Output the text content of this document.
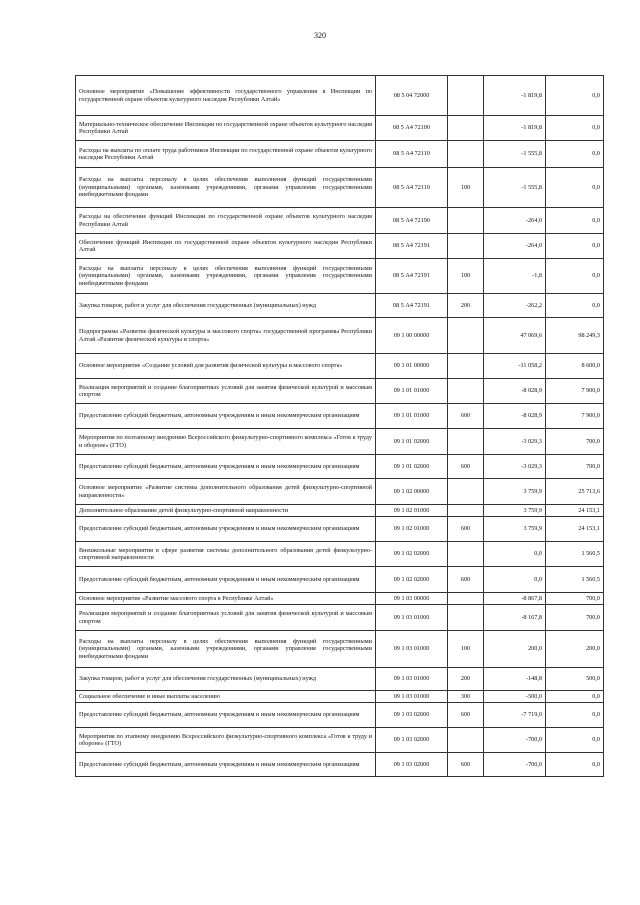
320
Основное мероприятие «Повышение эффективности государственного управления в Инспекции по государственной охране объектов культурного наследия Республики Алтай»	08 5 04 72000		-1 819,8	0,0
Материально-техническое обеспечение Инспекции по государственной охране объектов культурного наследия Республики Алтай	08 5 А4 72100		-1 819,8	0,0
Расходы на выплаты по оплате труда работников Инспекции по государственной охране объектов культурного наследия Республики Алтай	08 5 А4 72110		-1 555,8	0,0
Расходы на выплаты персоналу в целях обеспечения выполнения функций государственными (муниципальными) органами, казенными учреждениями, органами управления государственными внебюджетными фондами	08 5 А4 72110	100	-1 555,8	0,0
Расходы на обеспечение функций Инспекции по государственной охране объектов культурного наследия Республики Алтай	08 5 А4 72190		-264,0	0,0
Обеспечение функций Инспекции по государственной охране объектов культурного наследия Республики Алтай	08 5 А4 72191		-264,0	0,0
Расходы на выплаты персоналу в целях обеспечения выполнения функций государственными (муниципальными) органами, казенными учреждениями, органами управления государственными внебюджетными фондами	08 5 А4 72191	100	-1,8	0,0
Закупка товаров, работ и услуг для обеспечения государственных (муниципальных) нужд	08 5 А4 72191	200	-262,2	0,0
Подпрограмма «Развитие физической культуры и массового спорта» государственной программы Республики Алтай «Развитие физической культуры и спорта»	09 1 00 00000		47 069,6	98 249,3
Основное мероприятие «Создание условий для развития физической культуры и массового спорта»	09 1 01 00000		-11 058,2	8 600,0
Реализация мероприятий и создание благоприятных условий для занятия физической культурой и массовым спортом	09 1 01 01000		-8 028,9	7 900,0
Предоставление субсидий бюджетным, автономным учреждениям и иным некоммерческим организациям	09 1 01 01000	600	-8 028,9	7 900,0
Мероприятия по поэтапному внедрению Всероссийского физкультурно-спортивного комплекса «Готов к труду и обороне» (ГТО)	09 1 01 02000		-3 029,3	700,0
Предоставление субсидий бюджетным, автономным учреждениям и иным некоммерческим организациям	09 1 01 02000	600	-3 029,3	700,0
Основное мероприятие «Развитие системы дополнительного образования детей физкультурно-спортивной направленности»	09 1 02 00000		3 759,9	25 713,6
Дополнительное образование детей физкультурно-спортивной направленности	09 1 02 01000		3 759,9	24 153,1
Предоставление субсидий бюджетным, автономным учреждениям и иным некоммерческим организациям	09 1 02 01000	600	3 759,9	24 153,1
Внешкольные мероприятия в сфере развития системы дополнительного образования детей физкультурно-спортивной направленности	09 1 02 02000		0,0	1 560,5
Предоставление субсидий бюджетным, автономным учреждениям и иным некоммерческим организациям	09 1 02 02000	600	0,0	1 560,5
Основное мероприятие «Развитие массового спорта в Республике Алтай»	09 1 03 00000		-8 867,8	700,0
Реализация мероприятий и создание благоприятных условий для занятия физической культурой и массовым спортом	09 1 03 01000		-8 167,8	700,0
Расходы на выплаты персоналу в целях обеспечения выполнения функций государственными (муниципальными) органами, казенными учреждениями, органами управления государственными внебюджетными фондами	09 1 03 01000	100	200,0	200,0
Закупка товаров, работ и услуг для обеспечения государственных (муниципальных) нужд	09 1 03 01000	200	-148,8	500,0
Социальное обеспечение и иные выплаты населению	09 1 03 01000	300	-500,0	0,0
Предоставление субсидий бюджетным, автономным учреждениям и иным некоммерческим организациям	09 1 03 02000	600	-7 719,0	0,0
Мероприятия по этапному внедрению Всероссийского физкультурно-спортивного комплекса «Готов к труду и обороне» (ГТО)	09 1 03 02000		-700,0	0,0
Предоставление субсидий бюджетным, автономным учреждениям и иным некоммерческим организациям	09 1 03 02000	600	-700,0	0,0
